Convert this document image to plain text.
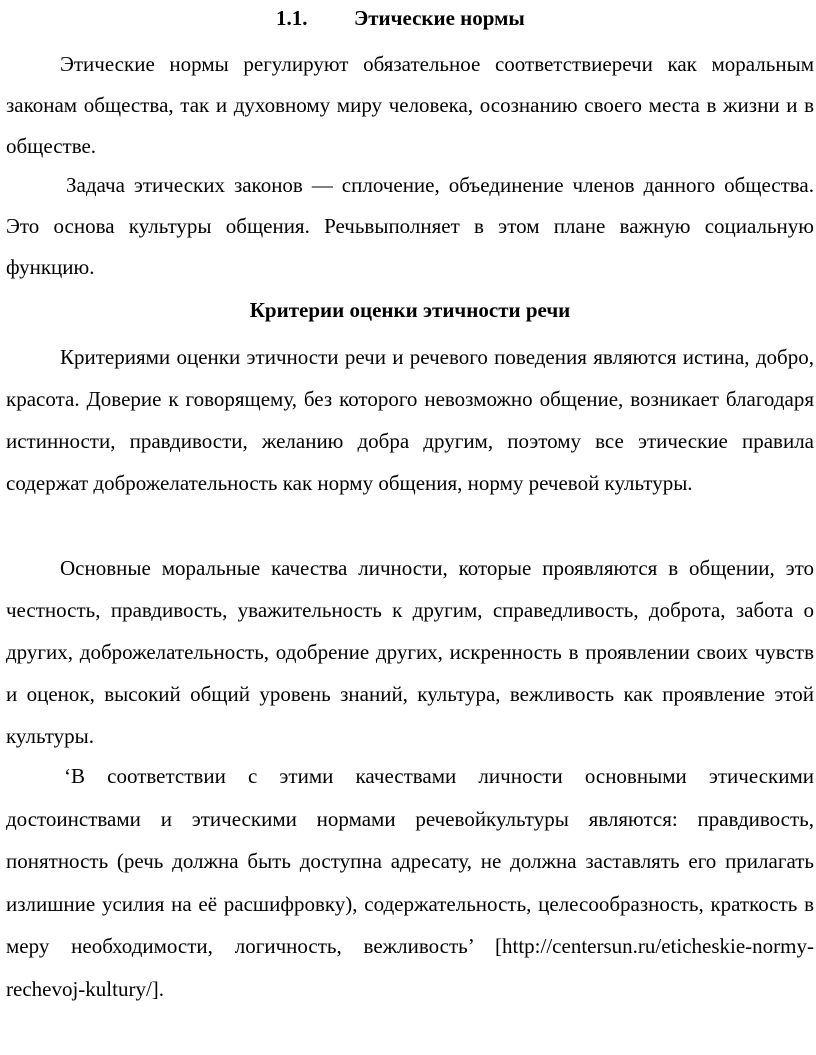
1.1. Этические нормы

Этические нормы регулируют обязательное соответствиеречи как моральным законам общества, так и духовному миру человека, осознанию своего места в жизни и в обществе.

Задача этических законов — сплочение, объединение членов данного общества. Это основа культуры общения. Речьвыполняет в этом плане важную социальную функцию.

Критерии оценки этичности речи

Критериями оценки этичности речи и речевого поведения являются истина, добро, красота. Доверие к говорящему, без которого невозможно общение, возникает благодаря истинности, правдивости, желанию добра другим, поэтому все этические правила содержат доброжелательность как норму общения, норму речевой культуры.

Основные моральные качества личности, которые проявляются в общении, это честность, правдивость, уважительность к другим, справедливость, доброта, забота о других, доброжелательность, одобрение других, искренность в проявлении своих чувств и оценок, высокий общий уровень знаний, культура, вежливость как проявление этой культуры.

‘В соответствии с этими качествами личности основными этическими достоинствами и этическими нормами речевойкультуры являются: правдивость, понятность (речь должна быть доступна адресату, не должна заставлять его прилагать излишние усилия на её расшифровку), содержательность, целесообразность, краткость в меру необходимости, логичность, вежливость’ [http://centersun.ru/eticheskie-normy-rechevoj-kultury/].
